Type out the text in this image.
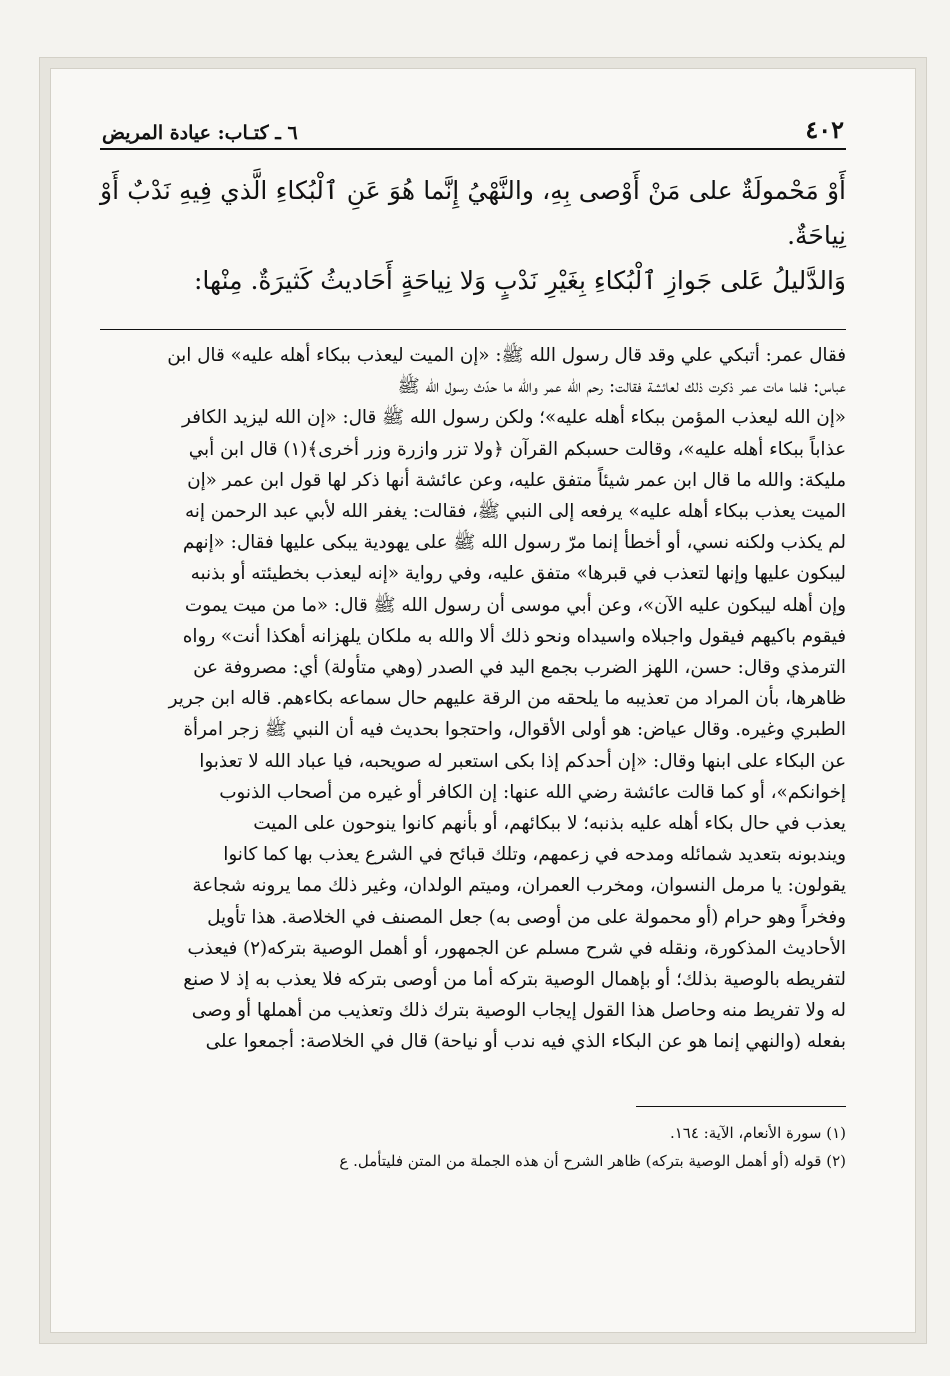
٤٠٢
٦ ـ كتـاب: عيادة المريض

أَوْ مَحْمولَةٌ على مَنْ أَوْصى بِهِ، والنَّهْيُ إِنَّما هُوَ عَنِ ٱلْبُكاءِ الَّذي فِيهِ نَدْبٌ أَوْ نِياحَةٌ.

وَالدَّليلُ عَلى جَوازِ ٱلْبُكاءِ بِغَيْرِ نَدْبٍ وَلا نِياحَةٍ أَحَاديثُ كَثيرَةٌ. مِنْها:

فقال عمر: أتبكي علي وقد قال رسول الله ﷺ: «إن الميت ليعذب ببكاء أهله عليه» قال ابن

عباس: فلما مات عمر ذكرت ذلك لعائشة فقالت: رحم الله عمر والله ما حدّث رسول الله ﷺ

«إن الله ليعذب المؤمن ببكاء أهله عليه»؛ ولكن رسول الله ﷺ قال: «إن الله ليزيد الكافر

عذاباً ببكاء أهله عليه»، وقالت حسبكم القرآن ﴿ولا تزر وازرة وزر أخرى﴾(١) قال ابن أبي

مليكة: والله ما قال ابن عمر شيئاً متفق عليه، وعن عائشة أنها ذكر لها قول ابن عمر «إن

الميت يعذب ببكاء أهله عليه» يرفعه إلى النبي ﷺ، فقالت: يغفر الله لأبي عبد الرحمن إنه

لم يكذب ولكنه نسي، أو أخطأ إنما مرّ رسول الله ﷺ على يهودية يبكى عليها فقال: «إنهم

ليبكون عليها وإنها لتعذب في قبرها» متفق عليه، وفي رواية «إنه ليعذب بخطيئته أو بذنبه

وإن أهله ليبكون عليه الآن»، وعن أبي موسى أن رسول الله ﷺ قال: «ما من ميت يموت

فيقوم باكيهم فيقول واجبلاه واسيداه ونحو ذلك ألا والله به ملكان يلهزانه أهكذا أنت» رواه

الترمذي وقال: حسن، اللهز الضرب بجمع اليد في الصدر (وهي متأولة) أي: مصروفة عن

ظاهرها، بأن المراد من تعذيبه ما يلحقه من الرقة عليهم حال سماعه بكاءهم. قاله ابن جرير

الطبري وغيره. وقال عياض: هو أولى الأقوال، واحتجوا بحديث فيه أن النبي ﷺ زجر امرأة

عن البكاء على ابنها وقال: «إن أحدكم إذا بكى استعبر له صويحبه، فيا عباد الله لا تعذبوا

إخوانكم»، أو كما قالت عائشة رضي الله عنها: إن الكافر أو غيره من أصحاب الذنوب

يعذب في حال بكاء أهله عليه بذنبه؛ لا ببكائهم، أو بأنهم كانوا ينوحون على الميت

ويندبونه بتعديد شمائله ومدحه في زعمهم، وتلك قبائح في الشرع يعذب بها كما كانوا

يقولون: يا مرمل النسوان، ومخرب العمران، وميتم الولدان، وغير ذلك مما يرونه شجاعة

وفخراً وهو حرام (أو محمولة على من أوصى به) جعل المصنف في الخلاصة. هذا تأويل

الأحاديث المذكورة، ونقله في شرح مسلم عن الجمهور، أو أهمل الوصية بتركه(٢) فيعذب

لتفريطه بالوصية بذلك؛ أو بإهمال الوصية بتركه أما من أوصى بتركه فلا يعذب به إذ لا صنع

له ولا تفريط منه وحاصل هذا القول إيجاب الوصية بترك ذلك وتعذيب من أهملها أو وصى

بفعله (والنهي إنما هو عن البكاء الذي فيه ندب أو نياحة) قال في الخلاصة: أجمعوا على

(١) سورة الأنعام، الآية: ١٦٤.

(٢) قوله (أو أهمل الوصية بتركه) ظاهر الشرح أن هذه الجملة من المتن فليتأمل. ع
